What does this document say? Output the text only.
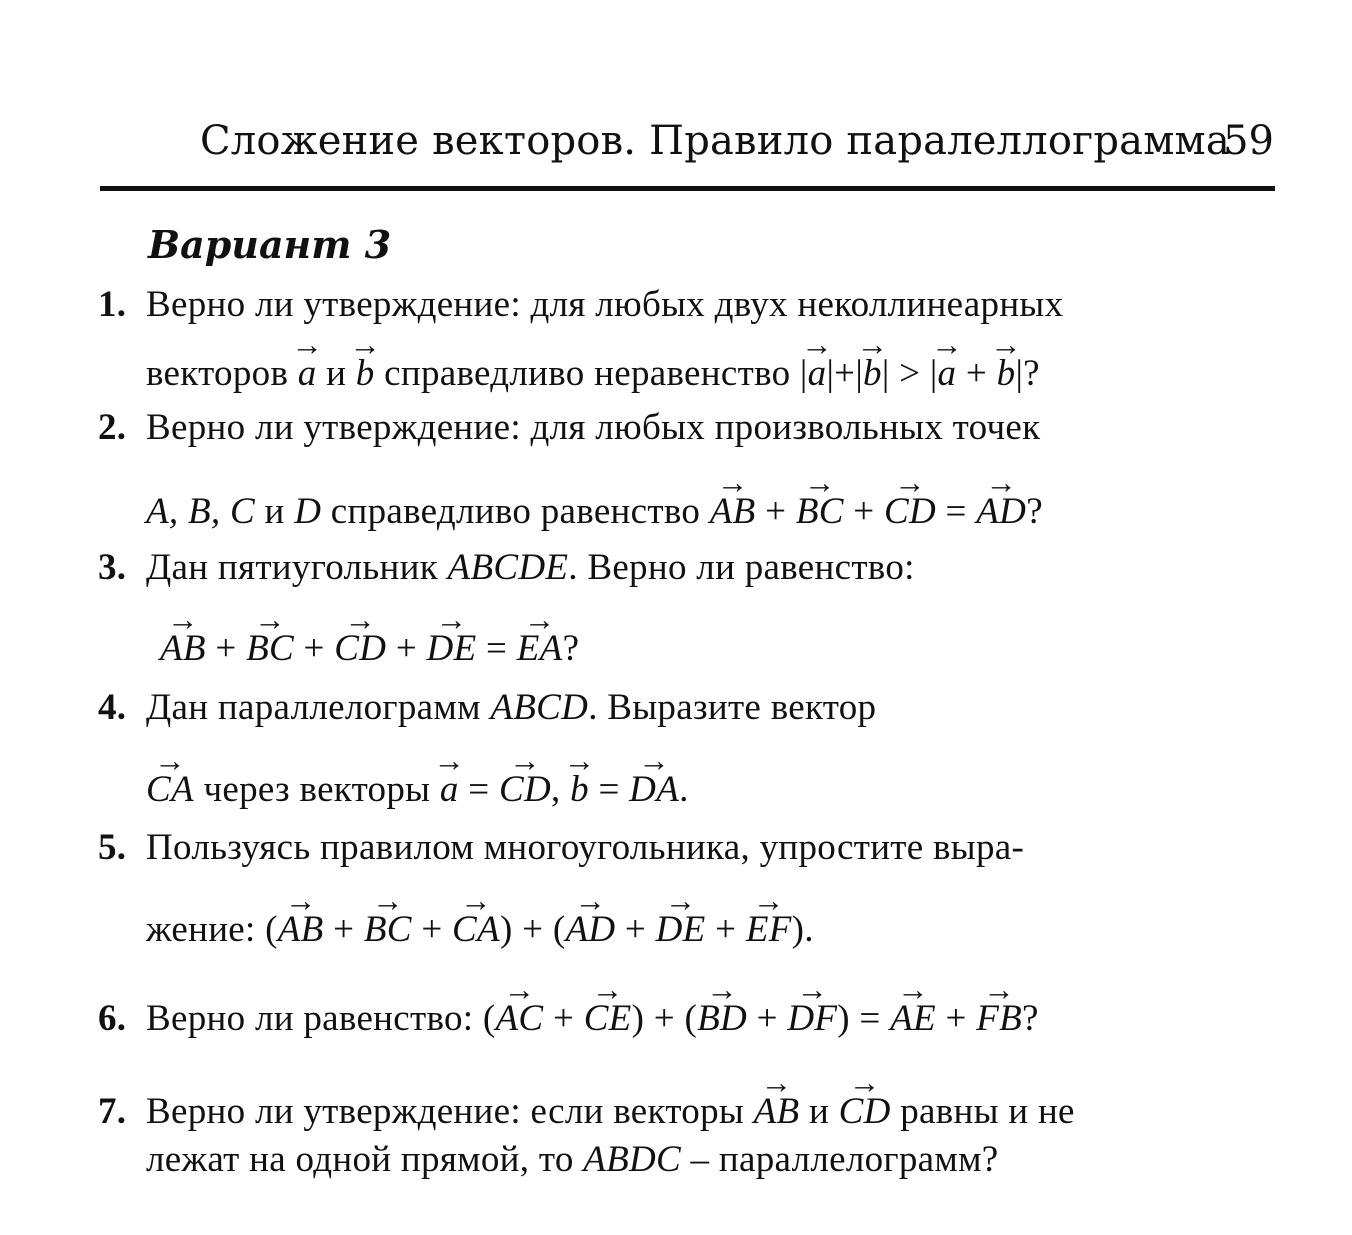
Сложение векторов. Правило паралеллограмма
59
Вариант 3
1. Верно ли утверждение: для любых двух неколлинеарных
векторов → a и → b справедливо неравенство |→ a|+|→ b| > |→ a + → b|?
2. Верно ли утверждение: для любых произвольных точек
A, B, C и D справедливо равенство → AB + → BC + → CD = → AD?
3. Дан пятиугольник ABCDE. Верно ли равенство:
→ AB + → BC + → CD + → DE = → EA?
4. Дан параллелограмм ABCD. Выразите вектор
→ CA через векторы → a = → CD, → b = → DA.
5. Пользуясь правилом многоугольника, упростите выра-
жение: (→ AB + → BC + → CA) + (→ AD + → DE + → EF).
6. Верно ли равенство: (→ AC + → CE) + (→ BD + → DF) = → AE + → FB?
7. Верно ли утверждение: если векторы → AB и → CD равны и не
лежат на одной прямой, то ABDC – параллелограмм?
